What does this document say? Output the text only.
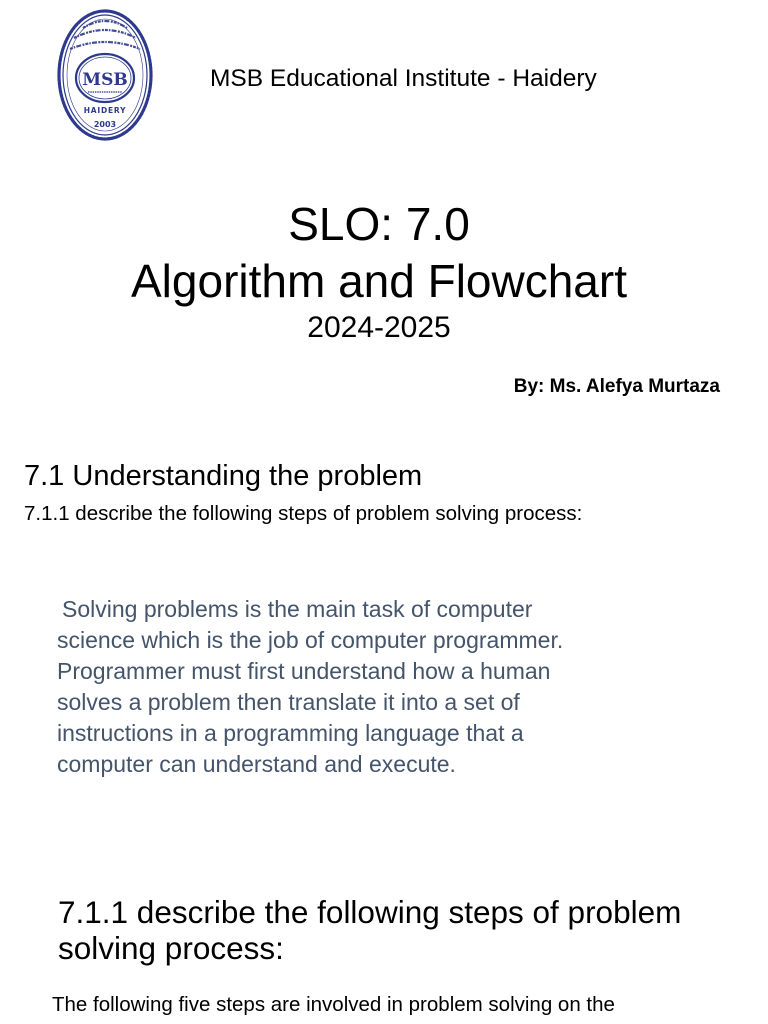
MSB
HAIDERY
2003
MSB Educational Institute - Haidery
SLO: 7.0
Algorithm and Flowchart
2024-2025
By: Ms. Alefya Murtaza
7.1 Understanding the problem
7.1.1 describe the following steps of problem solving process:
Solving problems is the main task of computer
science which is the job of computer programmer.
Programmer must first understand how a human
solves a problem then translate it into a set of
instructions in a programming language that a
computer can understand and execute.
7.1.1 describe the following steps of problem
solving process:
The following five steps are involved in problem solving on the
